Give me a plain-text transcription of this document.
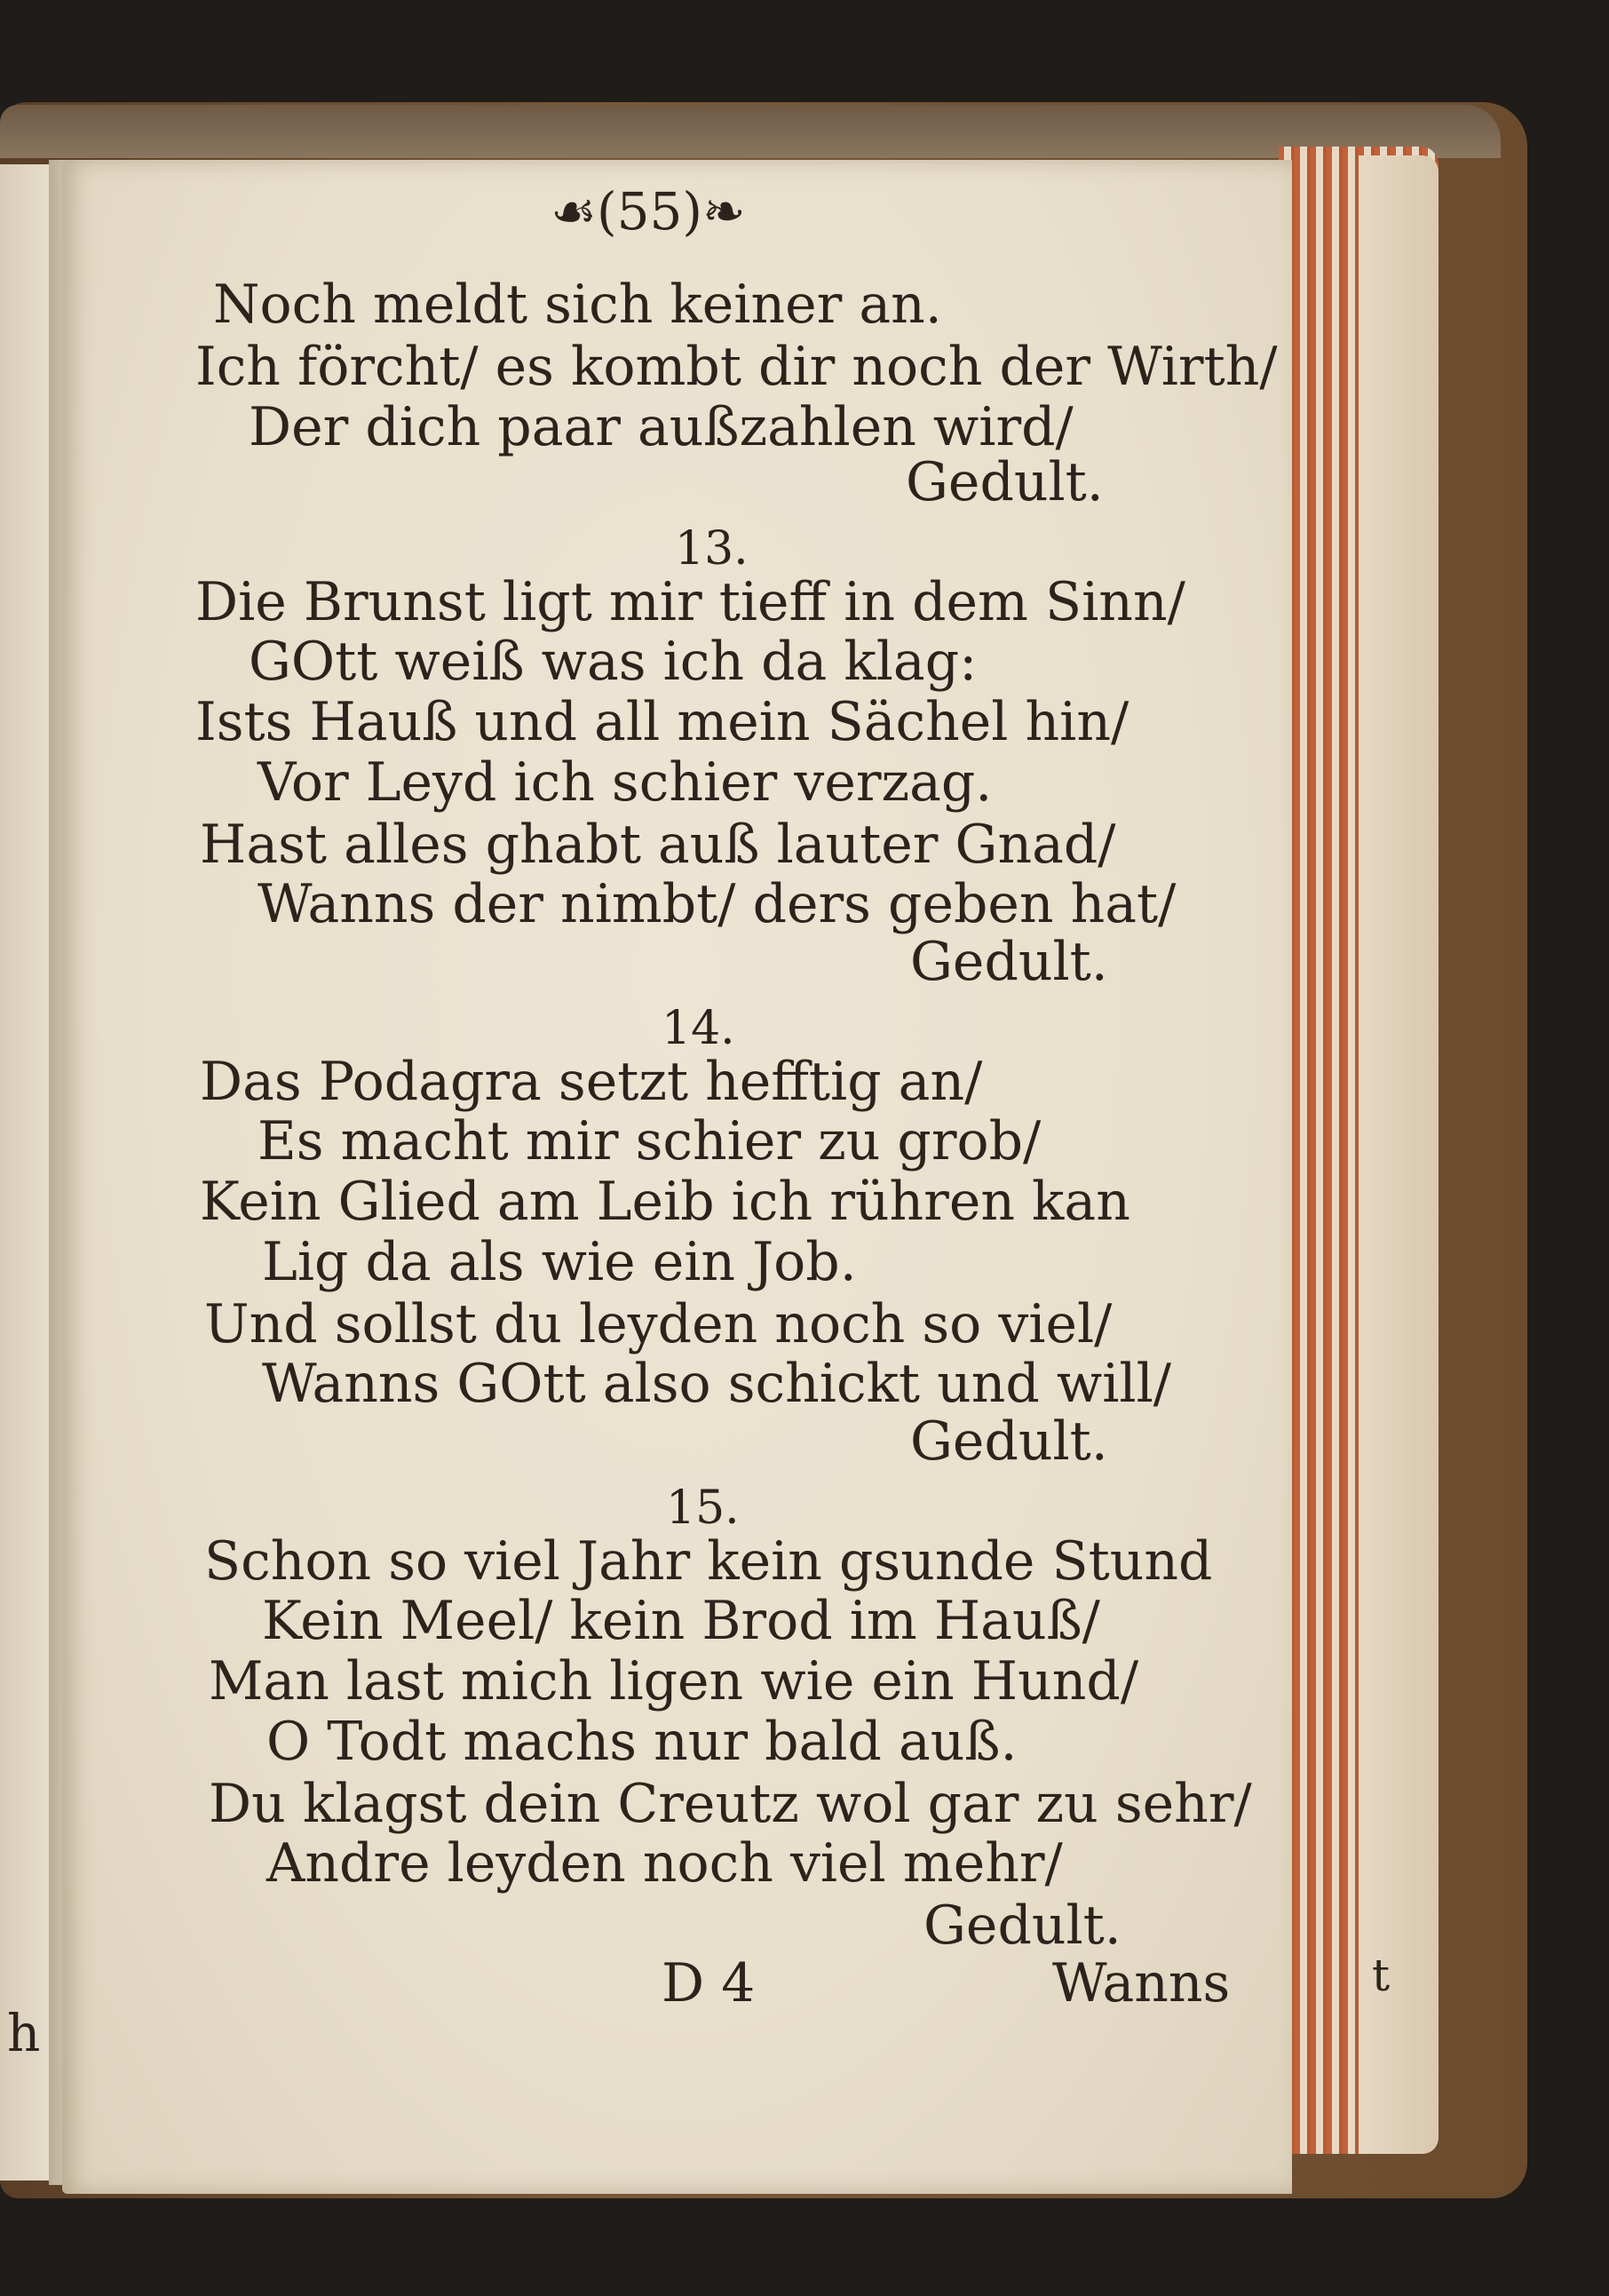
☙(55)❧
Noch meldt sich keiner an.
Ich förcht/ es kombt dir noch der Wirth/
Der dich paar außzahlen wird/
Gedult.
13.
Die Brunst ligt mir tieff in dem Sinn/
GOtt weiß was ich da klag:
Ists Hauß und all mein Sächel hin/
Vor Leyd ich schier verzag.
Hast alles ghabt auß lauter Gnad/
Wanns der nimbt/ ders geben hat/
Gedult.
14.
Das Podagra setzt hefftig an/
Es macht mir schier zu grob/
Kein Glied am Leib ich rühren kan
Lig da als wie ein Job.
Und sollst du leyden noch so viel/
Wanns GOtt also schickt und will/
Gedult.
15.
Schon so viel Jahr kein gsunde Stund
Kein Meel/ kein Brod im Hauß/
Man last mich ligen wie ein Hund/
O Todt machs nur bald auß.
Du klagst dein Creutz wol gar zu sehr/
Andre leyden noch viel mehr/
Gedult.
D 4	Wanns
h
t
